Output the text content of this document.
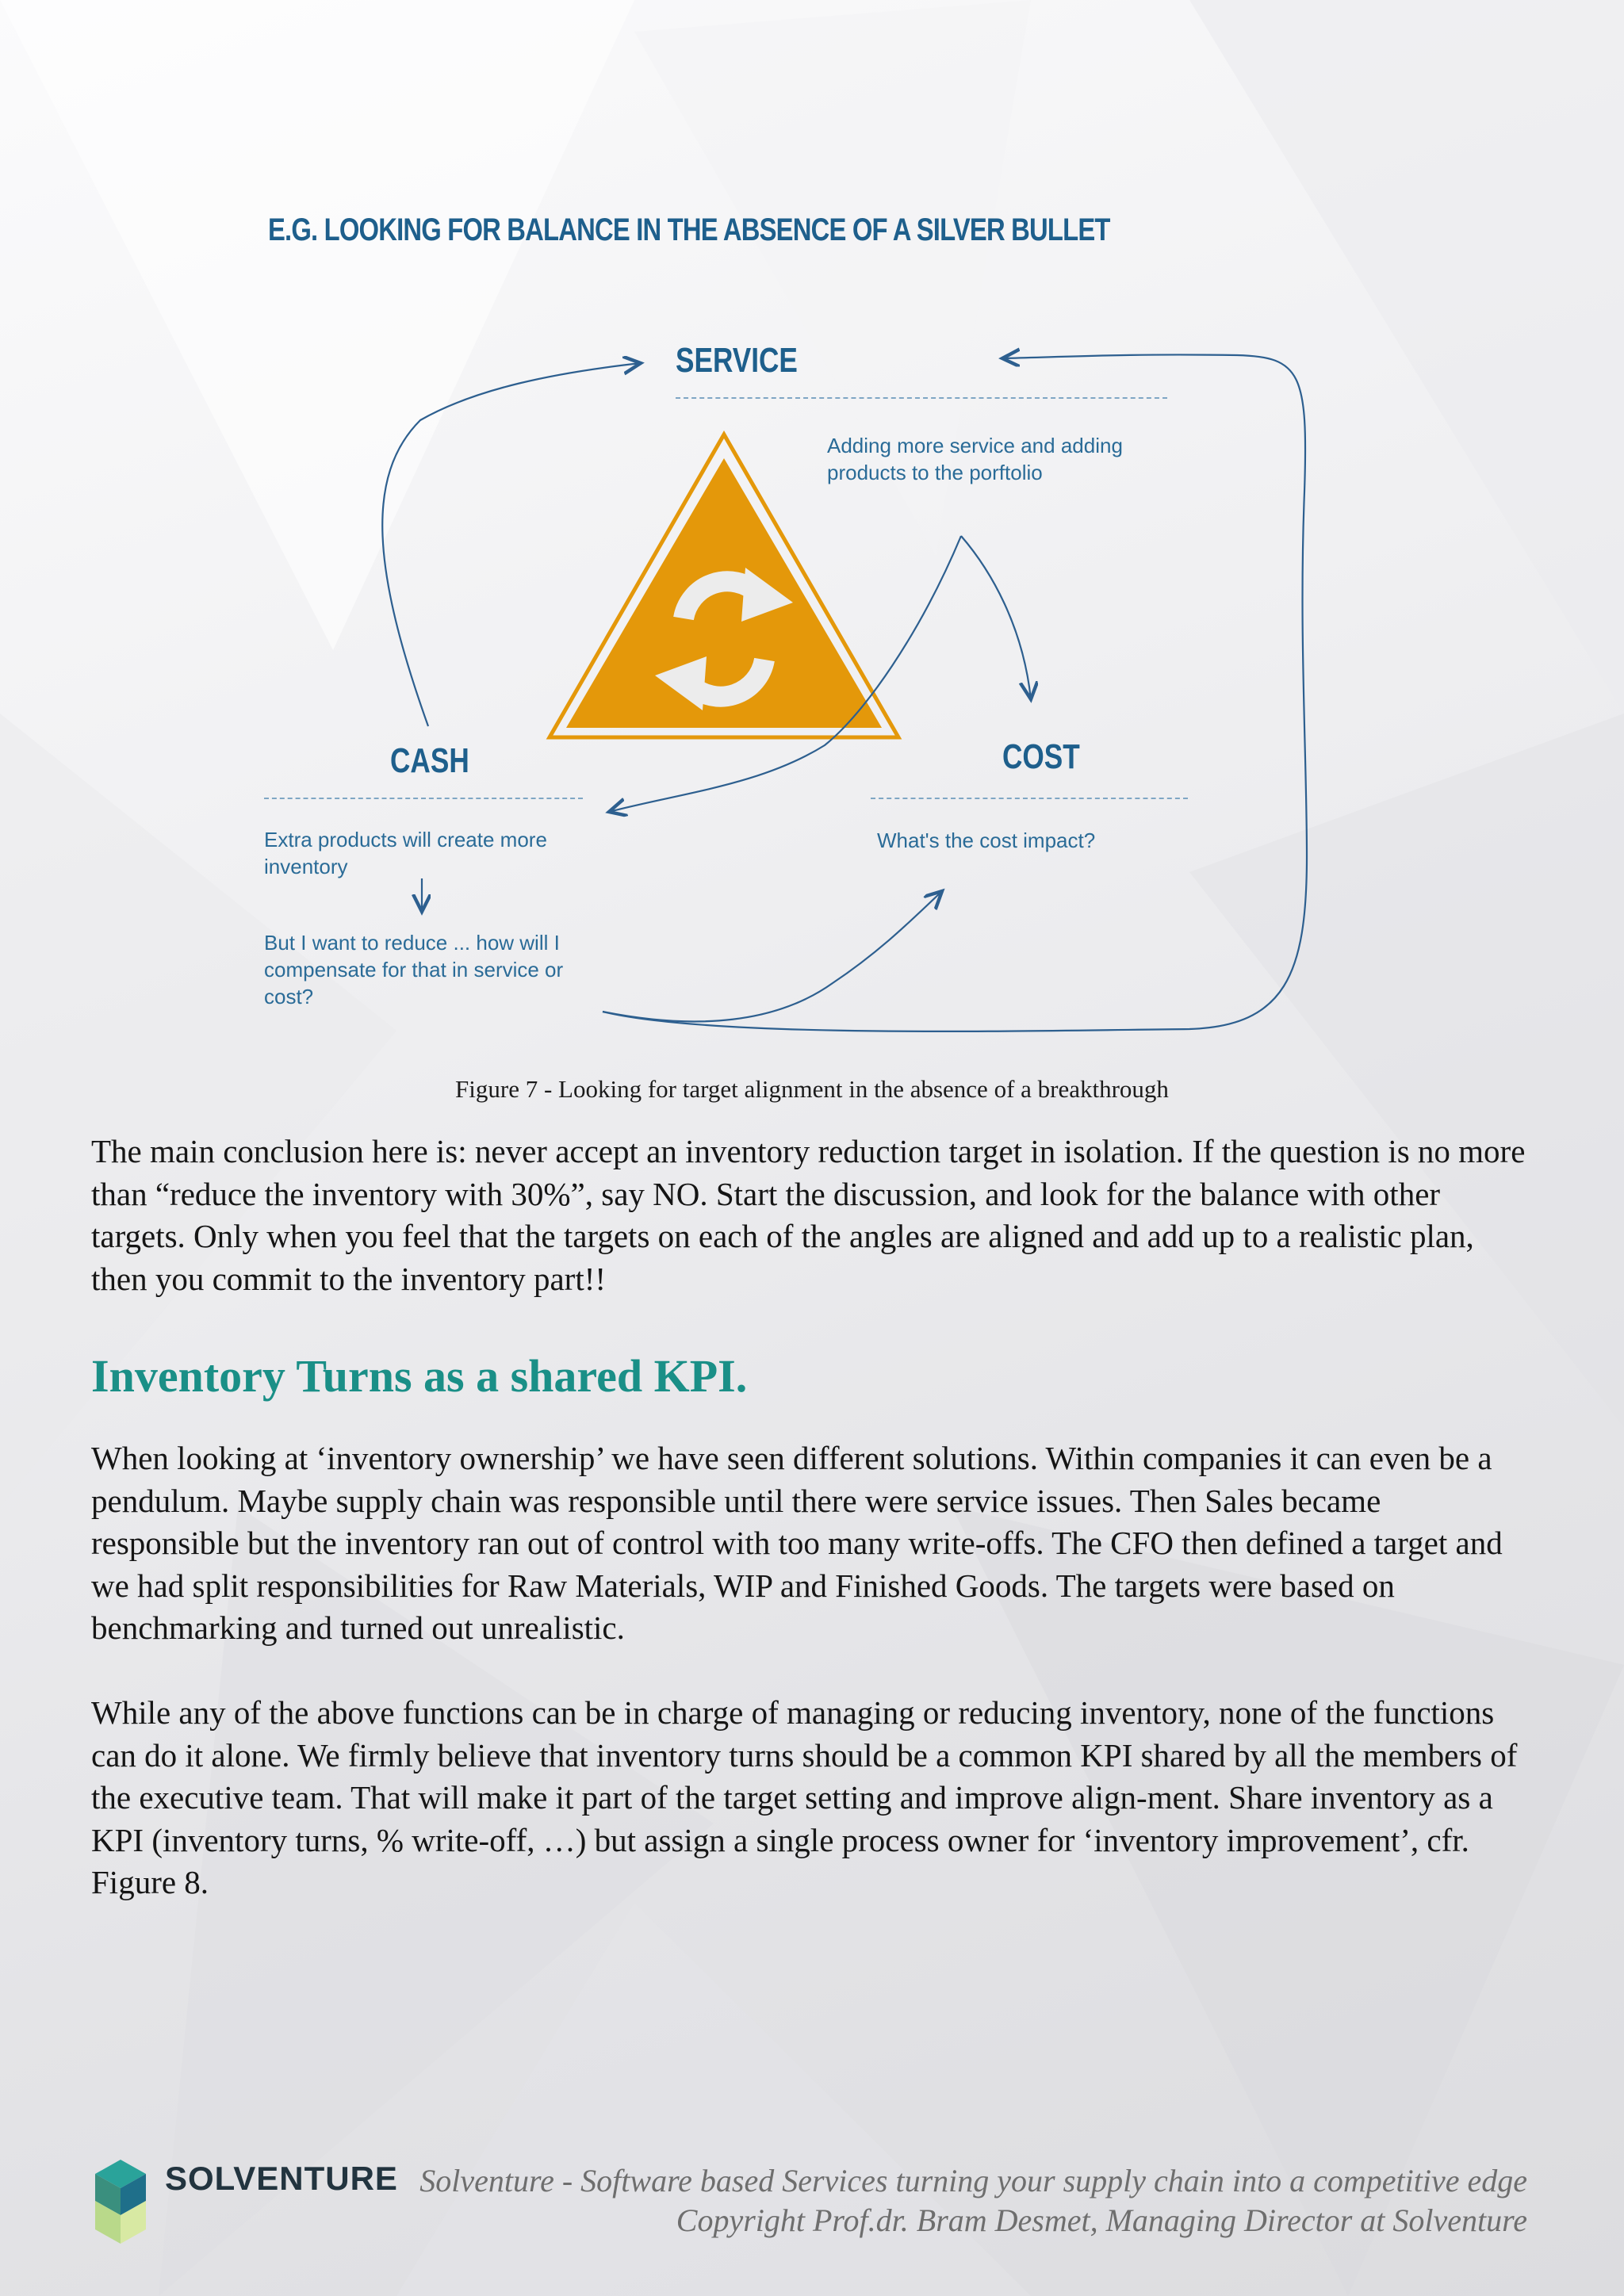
E.G. LOOKING FOR BALANCE IN THE ABSENCE OF A SILVER BULLET
SERVICE
Adding more service and adding products to the porftolio
CASH
Extra products will create more inventory
But I want to reduce ... how will I compensate for that in service or cost?
COST
What's the cost impact?
Figure 7 - Looking for target alignment in the absence of a breakthrough
The main conclusion here is: never accept an inventory reduction target in isolation. If the question is no more than “reduce the inventory with 30%”, say NO. Start the discussion, and look for the balance with other targets. Only when you feel that the targets on each of the angles are aligned and add up to a realistic plan, then you commit to the inventory part!!
Inventory Turns as a shared KPI.
When looking at ‘inventory ownership’ we have seen different solutions. Within companies it can even be a pendulum. Maybe supply chain was responsible until there were service issues. Then Sales became responsible but the inventory ran out of control with too many write-offs. The CFO then defined a target and we had split responsibilities for Raw Materials, WIP and Finished Goods. The targets were based on benchmarking and turned out unrealistic.
While any of the above functions can be in charge of managing or reducing inventory, none of the functions can do it alone. We firmly believe that inventory turns should be a common KPI shared by all the members of the executive team. That will make it part of the target setting and improve align-ment. Share inventory as a KPI (inventory turns, % write-off, …) but assign a single process owner for ‘inventory improvement’, cfr. Figure 8.
SOLVENTURE Solventure - Software based Services turning your supply chain into a competitive edge
Copyright Prof.dr. Bram Desmet, Managing Director at Solventure
